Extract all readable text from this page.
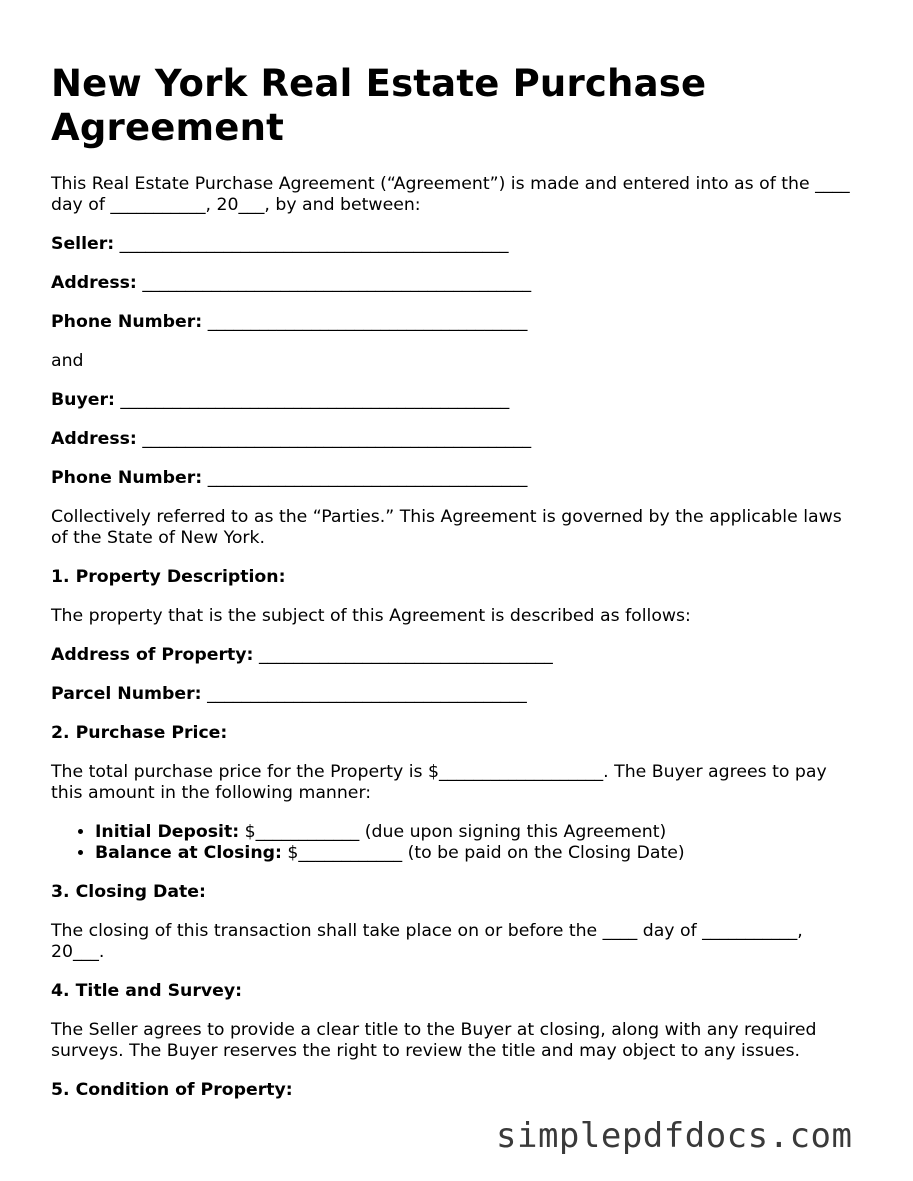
New York Real Estate Purchase Agreement

This Real Estate Purchase Agreement (“Agreement”) is made and entered into as of the ____ day of ___________, 20___, by and between:

Seller: _____________________________________________

Address: _____________________________________________

Phone Number: _____________________________________

and

Buyer: _____________________________________________

Address: _____________________________________________

Phone Number: _____________________________________

Collectively referred to as the “Parties.” This Agreement is governed by the applicable laws of the State of New York.

1. Property Description:

The property that is the subject of this Agreement is described as follows:

Address of Property: __________________________________

Parcel Number: _____________________________________

2. Purchase Price:

The total purchase price for the Property is $___________________. The Buyer agrees to pay this amount in the following manner:

• Initial Deposit: $____________ (due upon signing this Agreement)
• Balance at Closing: $____________ (to be paid on the Closing Date)

3. Closing Date:

The closing of this transaction shall take place on or before the ____ day of ___________, 20___.

4. Title and Survey:

The Seller agrees to provide a clear title to the Buyer at closing, along with any required surveys. The Buyer reserves the right to review the title and may object to any issues.

5. Condition of Property:

simplepdfdocs.com
